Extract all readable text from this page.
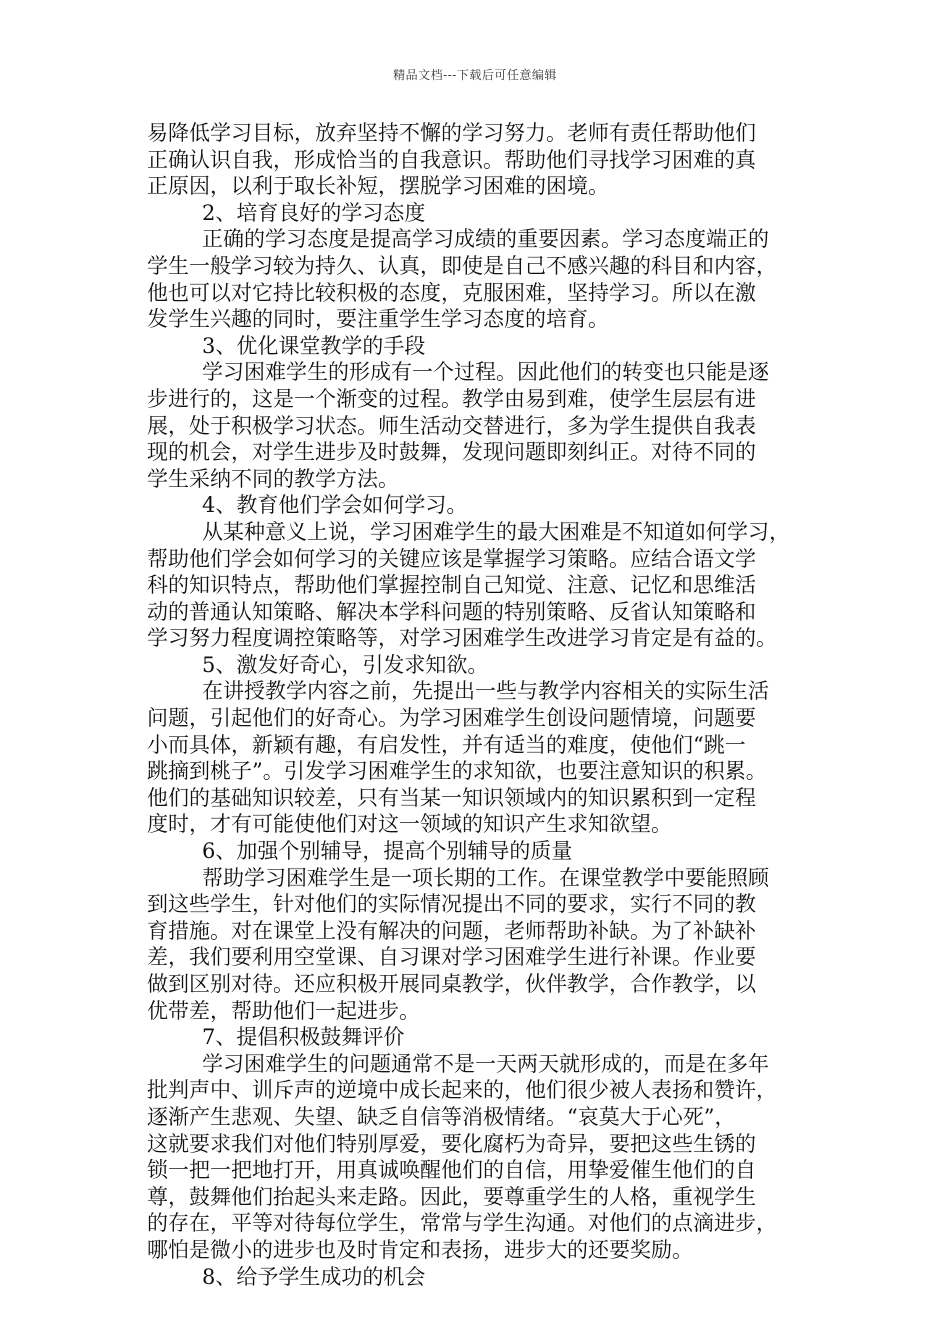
精品文档---下载后可任意编辑
易降低学习目标，放弃坚持不懈的学习努力。老师有责任帮助他们
正确认识自我，形成恰当的自我意识。帮助他们寻找学习困难的真
正原因，以利于取长补短，摆脱学习困难的困境。
2、培育良好的学习态度
正确的学习态度是提高学习成绩的重要因素。学习态度端正的
学生一般学习较为持久、认真，即使是自己不感兴趣的科目和内容，
他也可以对它持比较积极的态度，克服困难，坚持学习。所以在激
发学生兴趣的同时，要注重学生学习态度的培育。
3、优化课堂教学的手段
学习困难学生的形成有一个过程。因此他们的转变也只能是逐
步进行的，这是一个渐变的过程。教学由易到难，使学生层层有进
展，处于积极学习状态。师生活动交替进行，多为学生提供自我表
现的机会，对学生进步及时鼓舞，发现问题即刻纠正。对待不同的
学生采纳不同的教学方法。
4、教育他们学会如何学习。
从某种意义上说，学习困难学生的最大困难是不知道如何学习，
帮助他们学会如何学习的关键应该是掌握学习策略。应结合语文学
科的知识特点，帮助他们掌握控制自己知觉、注意、记忆和思维活
动的普通认知策略、解决本学科问题的特别策略、反省认知策略和
学习努力程度调控策略等，对学习困难学生改进学习肯定是有益的。
5、激发好奇心，引发求知欲。
在讲授教学内容之前，先提出一些与教学内容相关的实际生活
问题，引起他们的好奇心。为学习困难学生创设问题情境，问题要
小而具体，新颖有趣，有启发性，并有适当的难度，使他们“跳一
跳摘到桃子”。引发学习困难学生的求知欲，也要注意知识的积累。
他们的基础知识较差，只有当某一知识领域内的知识累积到一定程
度时，才有可能使他们对这一领域的知识产生求知欲望。
6、加强个别辅导，提高个别辅导的质量
帮助学习困难学生是一项长期的工作。在课堂教学中要能照顾
到这些学生，针对他们的实际情况提出不同的要求，实行不同的教
育措施。对在课堂上没有解决的问题，老师帮助补缺。为了补缺补
差，我们要利用空堂课、自习课对学习困难学生进行补课。作业要
做到区别对待。还应积极开展同桌教学，伙伴教学，合作教学，以
优带差，帮助他们一起进步。
7、提倡积极鼓舞评价
学习困难学生的问题通常不是一天两天就形成的，而是在多年
批判声中、训斥声的逆境中成长起来的，他们很少被人表扬和赞许，
逐渐产生悲观、失望、缺乏自信等消极情绪。“哀莫大于心死”，
这就要求我们对他们特别厚爱，要化腐朽为奇异，要把这些生锈的
锁一把一把地打开，用真诚唤醒他们的自信，用挚爱催生他们的自
尊，鼓舞他们抬起头来走路。因此，要尊重学生的人格，重视学生
的存在，平等对待每位学生，常常与学生沟通。对他们的点滴进步，
哪怕是微小的进步也及时肯定和表扬，进步大的还要奖励。
8、给予学生成功的机会
